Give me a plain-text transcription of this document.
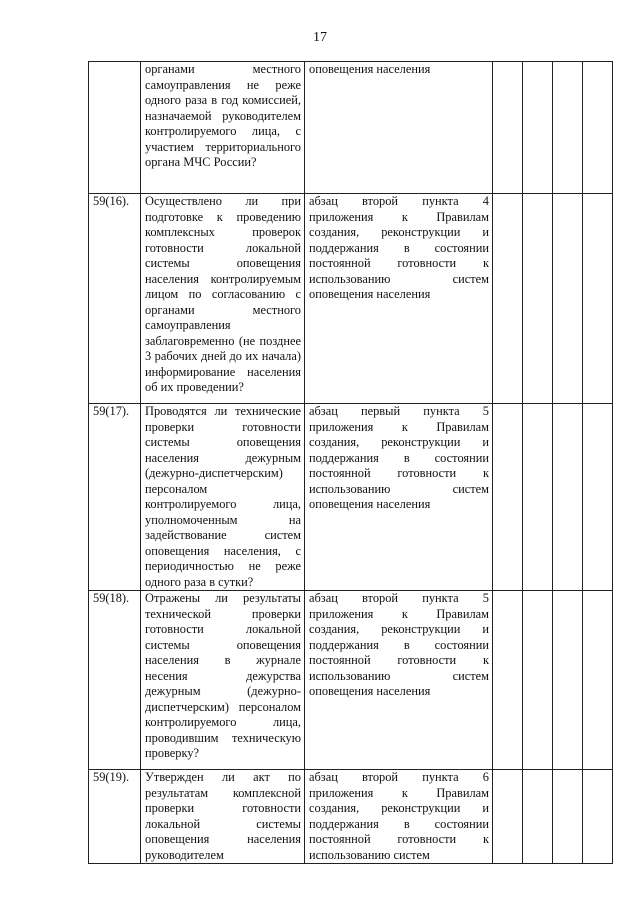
17
	органами местного самоуправления не реже одного раза в год комиссией, назначаемой руководителем контролируемого лица, с участием территориального органа МЧС России?	оповещения населения				
59(16).	Осуществлено ли при подготовке к проведению комплексных проверок готовности локальной системы оповещения населения контролируемым лицом по согласованию с органами местного самоуправления заблаговременно (не позднее 3 рабочих дней до их начала) информирование населения об их проведении?	абзац второй пункта 4 приложения к Правилам создания, реконструкции и поддержания в состоянии постоянной готовности к использованию систем оповещения населения				
59(17).	Проводятся ли технические проверки готовности системы оповещения населения дежурным (дежурно-диспетчерским) персоналом контролируемого лица, уполномоченным на задействование систем оповещения населения, с периодичностью не реже одного раза в сутки?	абзац первый пункта 5 приложения к Правилам создания, реконструкции и поддержания в состоянии постоянной готовности к использованию систем оповещения населения				
59(18).	Отражены ли результаты технической проверки готовности локальной системы оповещения населения в журнале несения дежурства дежурным (дежурно-диспетчерским) персоналом контролируемого лица, проводившим техническую проверку?	абзац второй пункта 5 приложения к Правилам создания, реконструкции и поддержания в состоянии постоянной готовности к использованию систем оповещения населения				
59(19).	Утвержден ли акт по результатам комплексной проверки готовности локальной системы оповещения населения руководителем	абзац второй пункта 6 приложения к Правилам создания, реконструкции и поддержания в состоянии постоянной готовности к использованию систем				
